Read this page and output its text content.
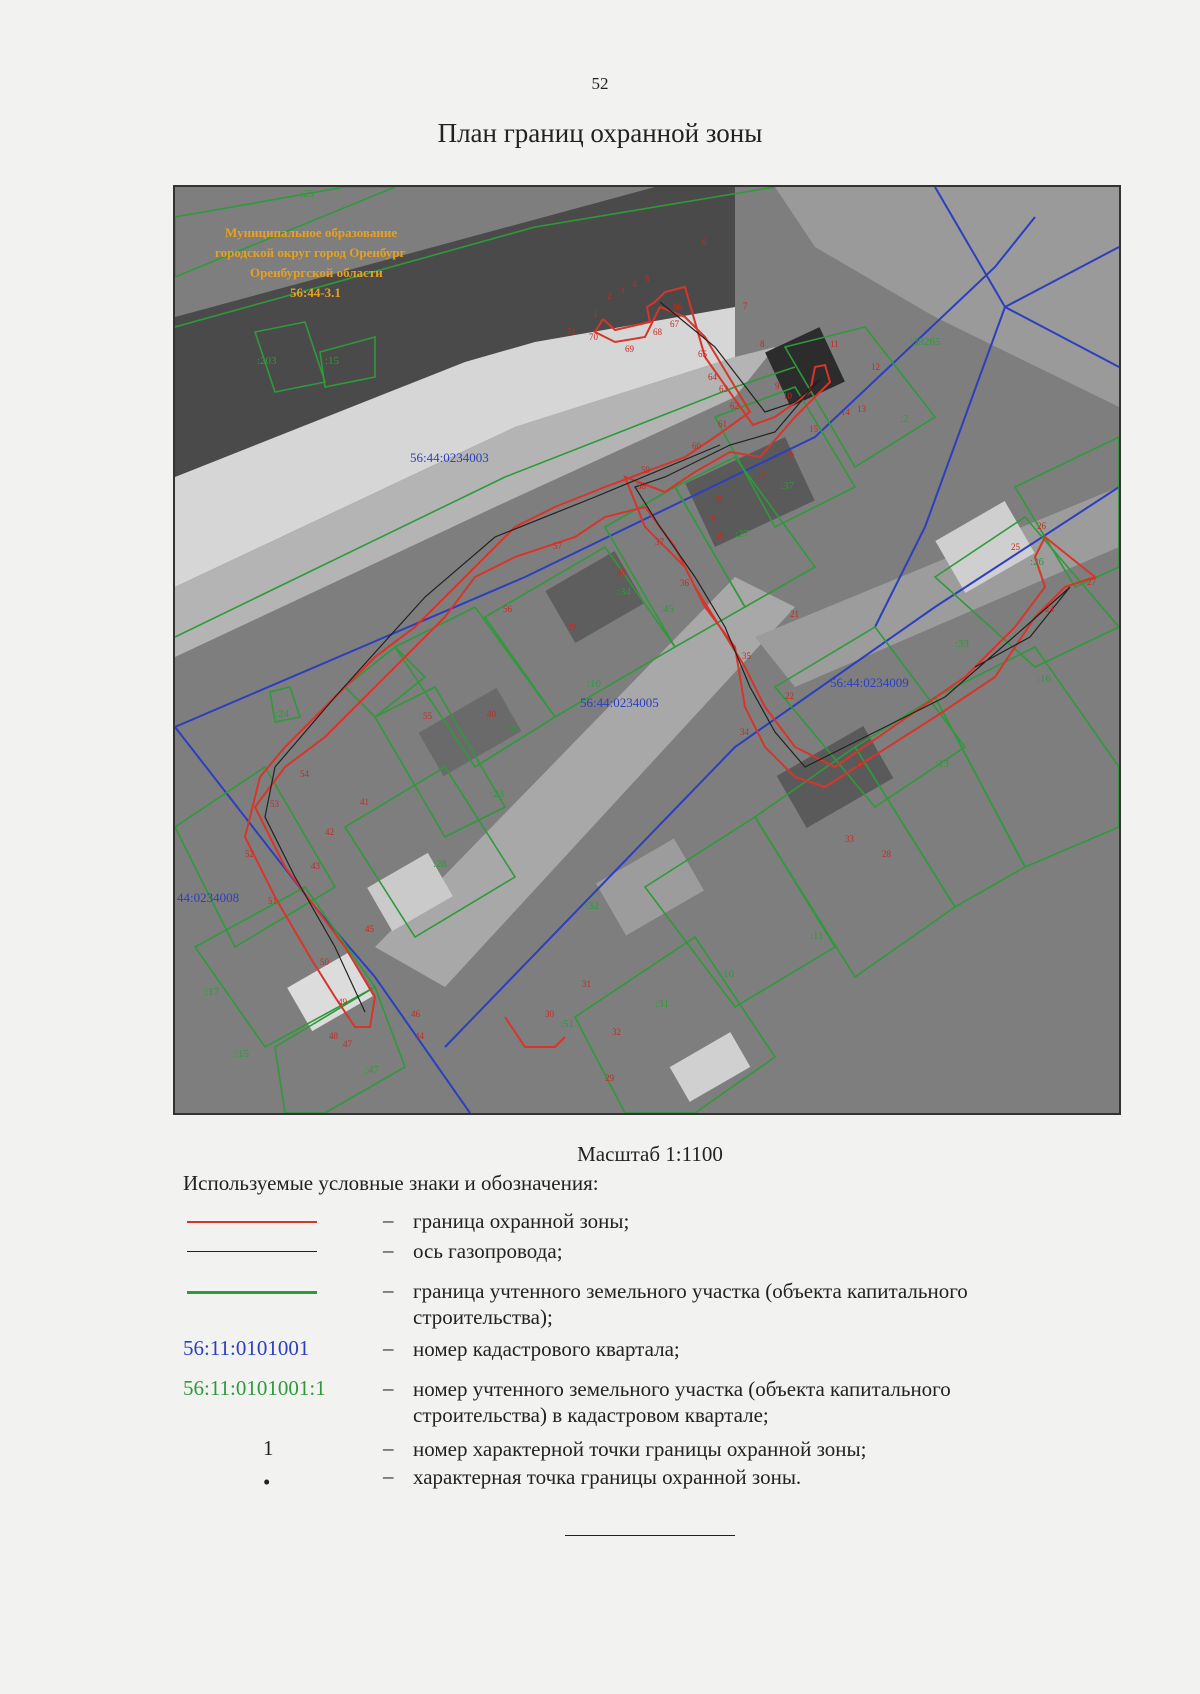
52
План границ охранной зоны
Муниципальное образование
городской округ город Оренбург
Оренбургской области
56:44-3.1
56:44:0234003
56:44:0234005
56:44:0234009
44:0234008
:25
:203	:15
:39265
:2
:37
:27
:34
:45
:10
:35
:23
:28
:33
:16
:13
:32
:11
:10
:31
:51
:17
:15
:47
:26
:24
1
2 3
4 5
6
7
8
9
10
11
12
13
14
15
16
17
18
19
20
21
22
23
24
25
26
27
28
29
30
31
32
33
34
35
36
37
38
39
40
41
42
43
44
45
46
47
48
49
50
51
52
53
54
55
56
57
58
59
60
61
62
63
64
65
66
67
68
69
70
71
Масштаб 1:1100
Используемые условные знаки и обозначения:
– граница охранной зоны;
– ось газопровода;
– граница учтенного земельного участка (объекта капитального строительства);
56:11:0101001	– номер кадастрового квартала;
56:11:0101001:1	– номер учтенного земельного участка (объекта капитального строительства) в кадастровом квартале;
1	– номер характерной точки границы охранной зоны;
•	– характерная точка границы охранной зоны.
